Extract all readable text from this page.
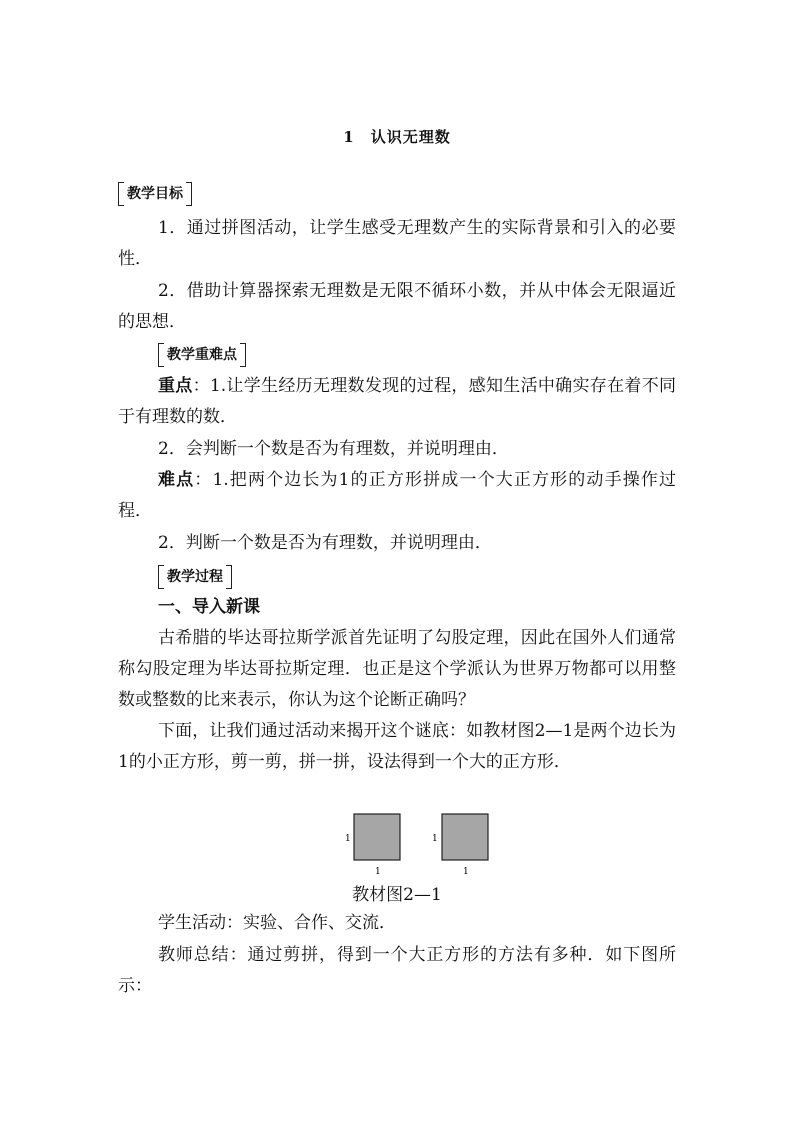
1 认识无理数
教学目标
1．通过拼图活动，让学生感受无理数产生的实际背景和引入的必要性．
2．借助计算器探索无理数是无限不循环小数，并从中体会无限逼近的思想．
教学重难点
重点：1.让学生经历无理数发现的过程，感知生活中确实存在着不同于有理数的数．
2．会判断一个数是否为有理数，并说明理由．
难点：1.把两个边长为1的正方形拼成一个大正方形的动手操作过程．
2．判断一个数是否为有理数，并说明理由．
教学过程
一、导入新课
古希腊的毕达哥拉斯学派首先证明了勾股定理，因此在国外人们通常称勾股定理为毕达哥拉斯定理．也正是这个学派认为世界万物都可以用整数或整数的比来表示，你认为这个论断正确吗？
下面，让我们通过活动来揭开这个谜底：如教材图2—1是两个边长为1的小正方形，剪一剪，拼一拼，设法得到一个大的正方形．
1
1
1
1
教材图2—1
学生活动：实验、合作、交流．
教师总结：通过剪拼，得到一个大正方形的方法有多种．如下图所示：
